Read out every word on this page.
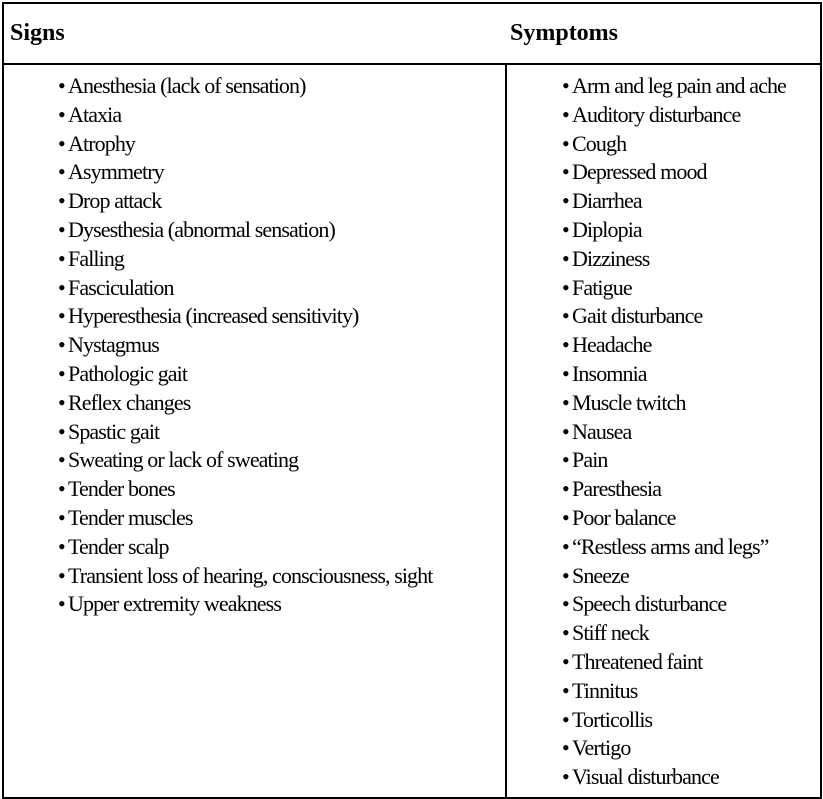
Signs	Symptoms
• Anesthesia (lack of sensation)
• Ataxia
• Atrophy
• Asymmetry
• Drop attack
• Dysesthesia (abnormal sensation)
• Falling
• Fasciculation
• Hyperesthesia (increased sensitivity)
• Nystagmus
• Pathologic gait
• Reflex changes
• Spastic gait
• Sweating or lack of sweating
• Tender bones
• Tender muscles
• Tender scalp
• Transient loss of hearing, consciousness, sight
• Upper extremity weakness
• Arm and leg pain and ache
• Auditory disturbance
• Cough
• Depressed mood
• Diarrhea
• Diplopia
• Dizziness
• Fatigue
• Gait disturbance
• Headache
• Insomnia
• Muscle twitch
• Nausea
• Pain
• Paresthesia
• Poor balance
• “Restless arms and legs”
• Sneeze
• Speech disturbance
• Stiff neck
• Threatened faint
• Tinnitus
• Torticollis
• Vertigo
• Visual disturbance
